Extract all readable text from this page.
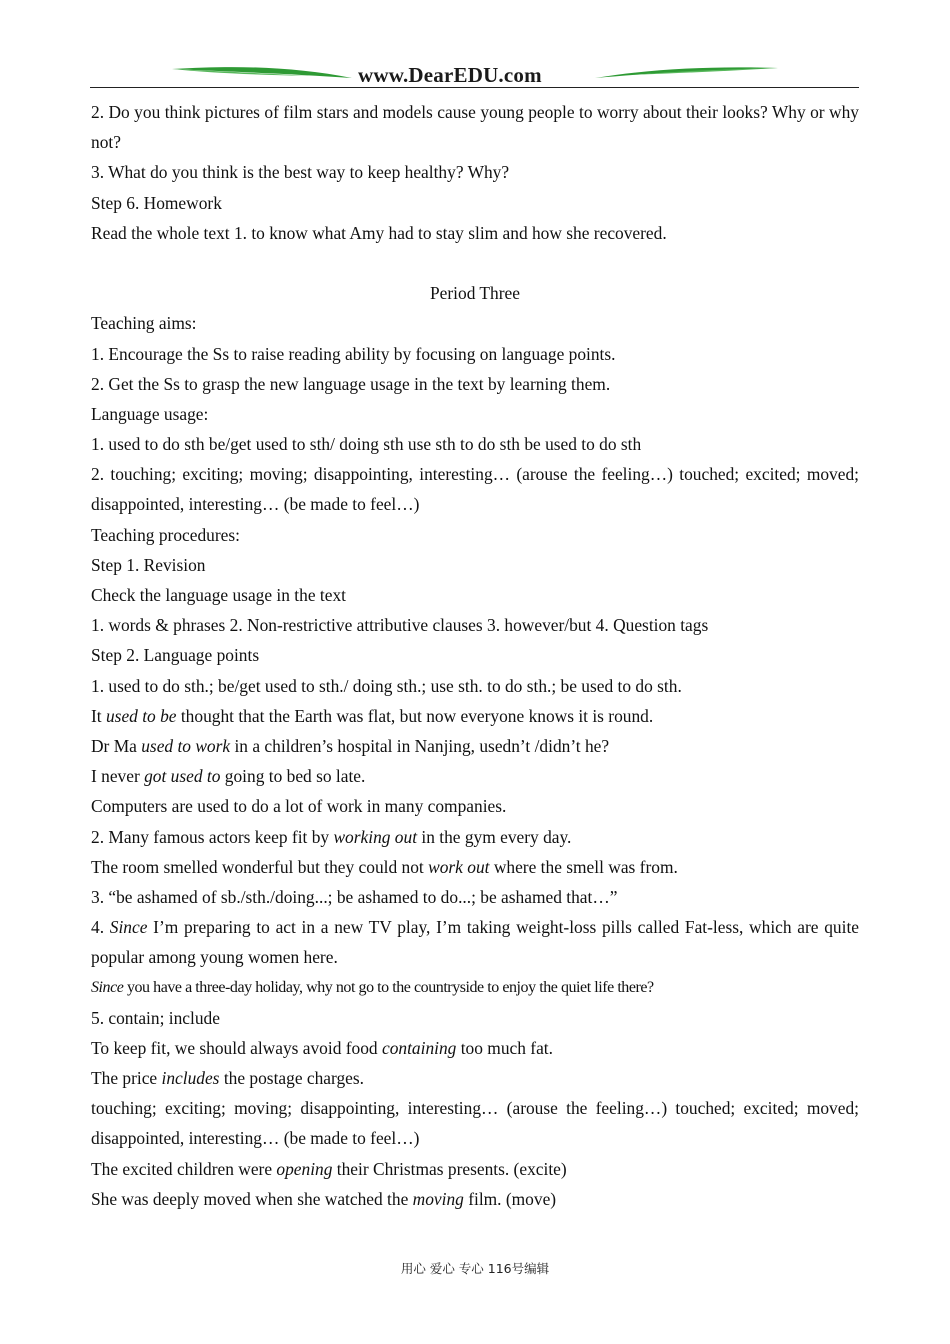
www.DearEDU.com
2. Do you think pictures of film stars and models cause young people to worry about their looks? Why or why not?
3. What do you think is the best way to keep healthy? Why?
Step 6. Homework
Read the whole text 1. to know what Amy had to stay slim and how she recovered.
Period Three
Teaching aims:
1. Encourage the Ss to raise reading ability by focusing on language points.
2. Get the Ss to grasp the new language usage in the text by learning them.
Language usage:
1. used to do sth be/get used to sth/ doing sth use sth to do sth be used to do sth
2. touching; exciting; moving; disappointing, interesting… (arouse the feeling…) touched; excited; moved; disappointed, interesting… (be made to feel…)
Teaching procedures:
Step 1. Revision
Check the language usage in the text
1. words & phrases 2. Non-restrictive attributive clauses 3. however/but 4. Question tags
Step 2. Language points
1. used to do sth.; be/get used to sth./ doing sth.; use sth. to do sth.; be used to do sth.
It used to be thought that the Earth was flat, but now everyone knows it is round.
Dr Ma used to work in a children’s hospital in Nanjing, usedn’t /didn’t he?
I never got used to going to bed so late.
Computers are used to do a lot of work in many companies.
2. Many famous actors keep fit by working out in the gym every day.
The room smelled wonderful but they could not work out where the smell was from.
3. “be ashamed of sb./sth./doing...; be ashamed to do...; be ashamed that…”
4. Since I’m preparing to act in a new TV play, I’m taking weight-loss pills called Fat-less, which are quite popular among young women here.
Since you have a three-day holiday, why not go to the countryside to enjoy the quiet life there?
5. contain; include
To keep fit, we should always avoid food containing too much fat.
The price includes the postage charges.
touching; exciting; moving; disappointing, interesting… (arouse the feeling…) touched; excited; moved; disappointed, interesting… (be made to feel…)
The excited children were opening their Christmas presents. (excite)
She was deeply moved when she watched the moving film. (move)
用心 爱心 专心 116号编辑
